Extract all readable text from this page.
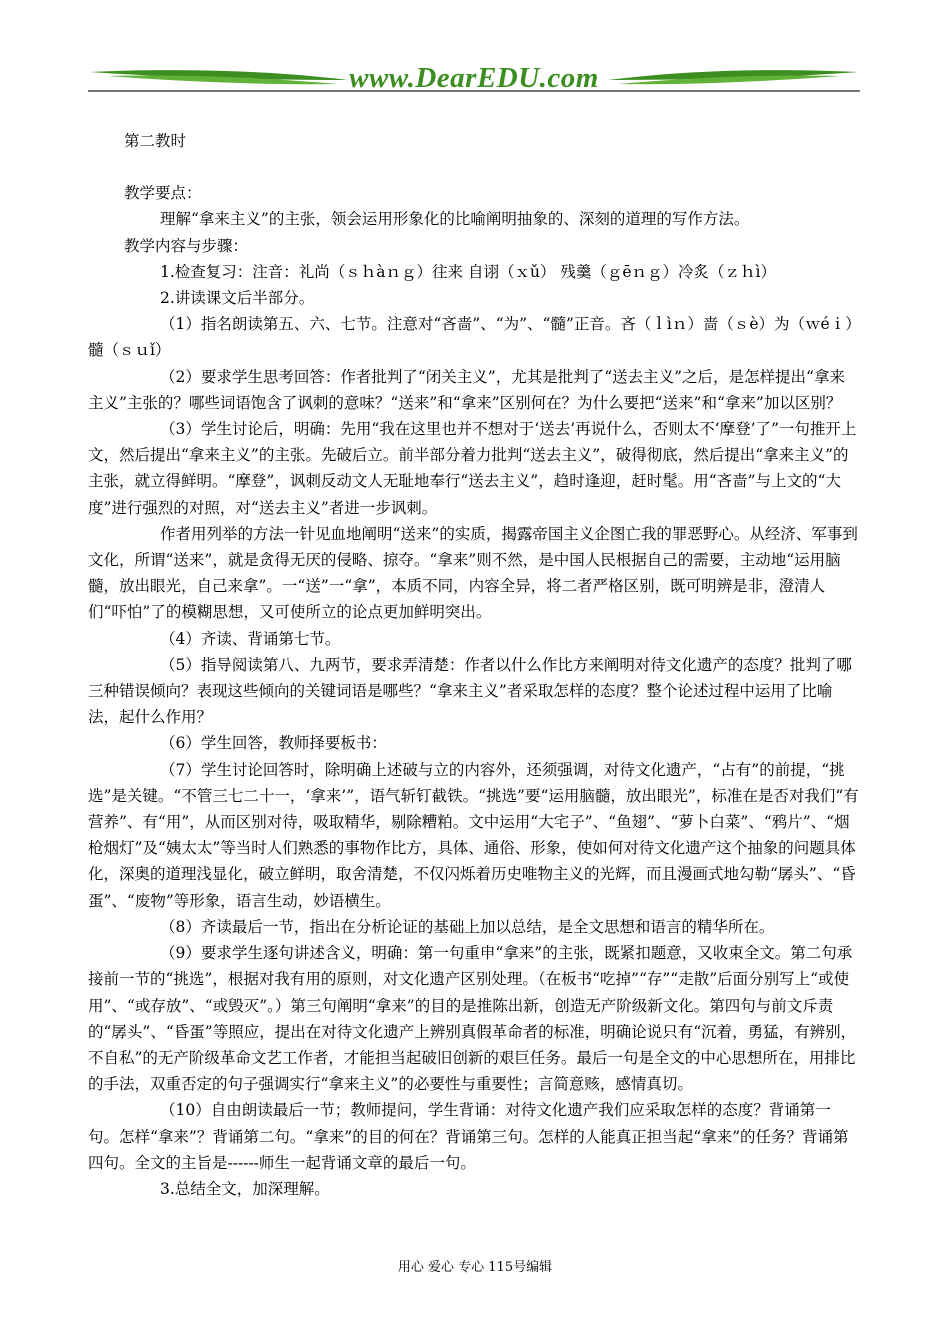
www.DearEDU.com

第二教时

教学要点：

理解“拿来主义”的主张，领会运用形象化的比喻阐明抽象的、深刻的道理的写作方法。

教学内容与步骤：

1.检查复习：注音：礼尚（ｓｈàｎｇ）往来 自诩（ｘǔ） 残羹（ｇēｎｇ）冷炙（ｚｈì）

2.讲读课文后半部分。

（1）指名朗读第五、六、七节。注意对“吝啬”、“为”、“髓”正音。吝（ｌìｎ）啬（ｓè）为（ｗéｉ）髓（ｓｕǐ）

（2）要求学生思考回答：作者批判了“闭关主义”，尤其是批判了“送去主义”之后，是怎样提出“拿来主义”主张的？哪些词语饱含了讽刺的意味？“送来”和“拿来”区别何在？为什么要把“送来”和“拿来”加以区别？

（3）学生讨论后，明确：先用“我在这里也并不想对于‘送去’再说什么，否则太不‘摩登’了”一句推开上文，然后提出“拿来主义”的主张。先破后立。前半部分着力批判“送去主义”，破得彻底，然后提出“拿来主义”的主张，就立得鲜明。“摩登”，讽刺反动文人无耻地奉行“送去主义”，趋时逢迎，赶时髦。用“吝啬”与上文的“大度”进行强烈的对照，对“送去主义”者进一步讽刺。

作者用列举的方法一针见血地阐明“送来”的实质，揭露帝国主义企图亡我的罪恶野心。从经济、军事到文化，所谓“送来”，就是贪得无厌的侵略、掠夺。“拿来”则不然，是中国人民根据自己的需要，主动地“运用脑髓，放出眼光，自己来拿”。一“送”一“拿”，本质不同，内容全异，将二者严格区别，既可明辨是非，澄清人们“吓怕”了的模糊思想，又可使所立的论点更加鲜明突出。

（4）齐读、背诵第七节。

（5）指导阅读第八、九两节，要求弄清楚：作者以什么作比方来阐明对待文化遗产的态度？批判了哪三种错误倾向？表现这些倾向的关键词语是哪些？“拿来主义”者采取怎样的态度？整个论述过程中运用了比喻法，起什么作用？

（6）学生回答，教师择要板书：

（7）学生讨论回答时，除明确上述破与立的内容外，还须强调，对待文化遗产，“占有”的前提，“挑选”是关键。“不管三七二十一，‘拿来’”，语气斩钉截铁。“挑选”要“运用脑髓，放出眼光”，标准在是否对我们“有营养”、有“用”，从而区别对待，吸取精华，剔除糟粕。文中运用“大宅子”、“鱼翅”、“萝卜白菜”、“鸦片”、“烟枪烟灯”及“姨太太”等当时人们熟悉的事物作比方，具体、通俗、形象，使如何对待文化遗产这个抽象的问题具体化，深奥的道理浅显化，破立鲜明，取舍清楚，不仅闪烁着历史唯物主义的光辉，而且漫画式地勾勒“孱头”、“昏蛋”、“废物”等形象，语言生动，妙语横生。

（8）齐读最后一节，指出在分析论证的基础上加以总结，是全文思想和语言的精华所在。

（9）要求学生逐句讲述含义，明确：第一句重申“拿来”的主张，既紧扣题意，又收束全文。第二句承接前一节的“挑选”，根据对我有用的原则，对文化遗产区别处理。（在板书“吃掉”“存”“走散”后面分别写上“或使用”、“或存放”、“或毁灭”。）第三句阐明“拿来”的目的是推陈出新，创造无产阶级新文化。第四句与前文斥责的“孱头”、“昏蛋”等照应，提出在对待文化遗产上辨别真假革命者的标准，明确论说只有“沉着，勇猛，有辨别，不自私”的无产阶级革命文艺工作者，才能担当起破旧创新的艰巨任务。最后一句是全文的中心思想所在，用排比的手法，双重否定的句子强调实行“拿来主义”的必要性与重要性；言简意赅，感情真切。

（10）自由朗读最后一节；教师提问，学生背诵：对待文化遗产我们应采取怎样的态度？背诵第一句。怎样“拿来”？背诵第二句。“拿来”的目的何在？背诵第三句。怎样的人能真正担当起“拿来”的任务？背诵第四句。全文的主旨是------师生一起背诵文章的最后一句。

3.总结全文，加深理解。

用心 爱心 专心 115号编辑
